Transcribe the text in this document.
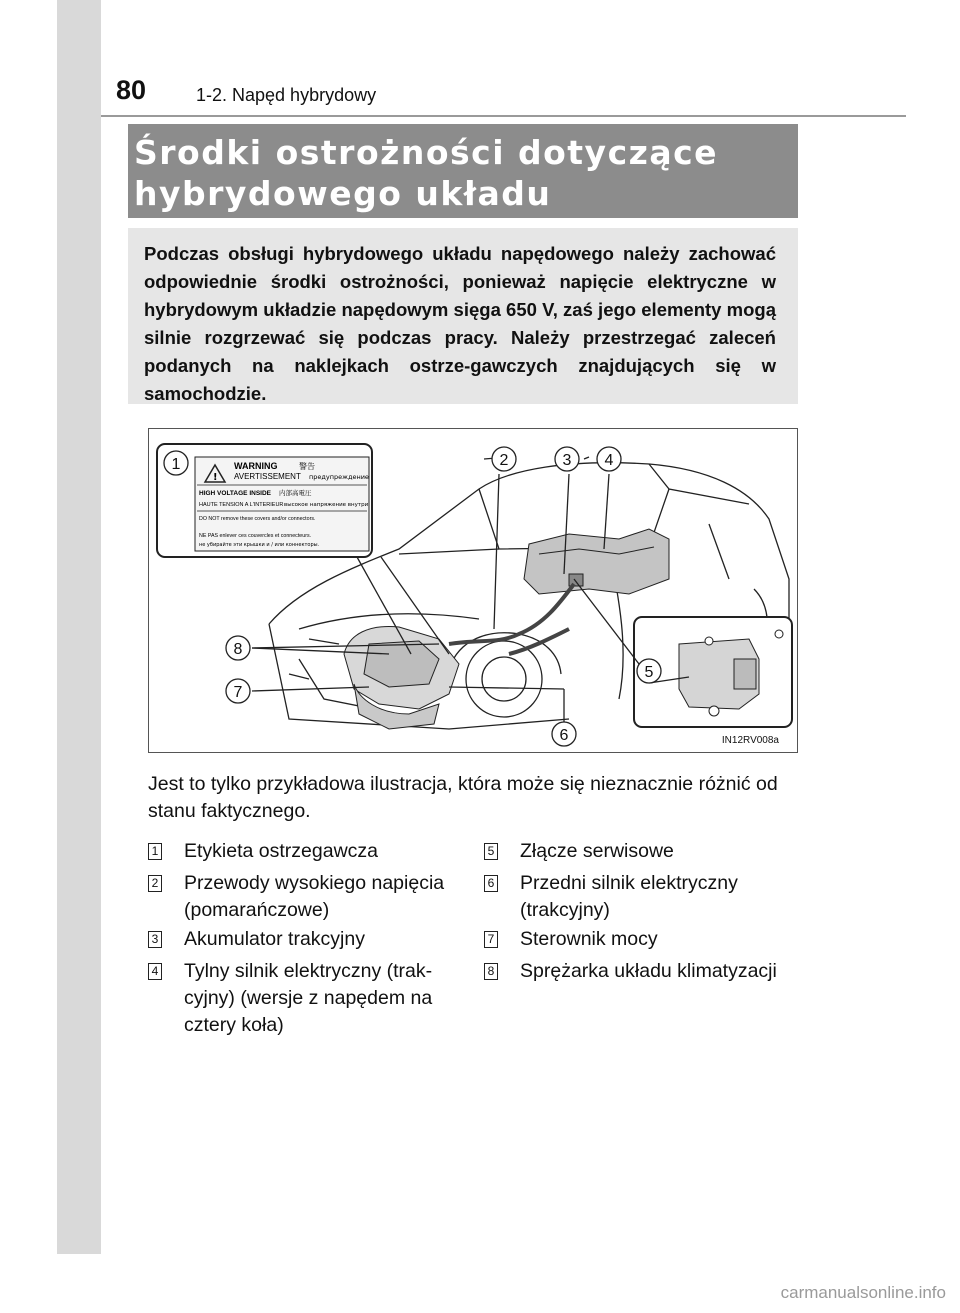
80	1-2. Napęd hybrydowy
Środki ostrożności dotyczące
hybrydowego układu
Podczas obsługi hybrydowego układu napędowego należy zachować odpowiednie środki ostrożności, ponieważ napięcie elektryczne w hybrydowym układzie napędowym sięga 650 V, zaś jego elementy mogą silnie rozgrzewać się podczas pracy. Należy przestrzegać zaleceń podanych na naklejkach ostrze-gawczych znajdujących się w samochodzie.
!
WARNING	警告
AVERTISSEMENT предупреждение
HIGH VOLTAGE INSIDE 内部高電圧
HAUTE TENSION A L'INTERIEUR высокое напряжение внутри
DO NOT remove these covers and/or connectors.
NE PAS enlever ces couvercles et connecteurs.
не убирайте эти крышки и / или коннекторы.
1	2	3 4
5
6
7
8
IN12RV008a
Jest to tylko przykładowa ilustracja, która może się nieznacznie różnić od stanu faktycznego.
1 Etykieta ostrzegawcza
2 Przewody wysokiego napięcia
(pomarańczowe)
3 Akumulator trakcyjny
4 Tylny silnik elektryczny (trak-
cyjny) (wersje z napędem na
cztery koła)
5 Złącze serwisowe
6 Przedni silnik elektryczny
(trakcyjny)
7 Sterownik mocy
8 Sprężarka układu klimatyzacji
carmanualsonline.info
